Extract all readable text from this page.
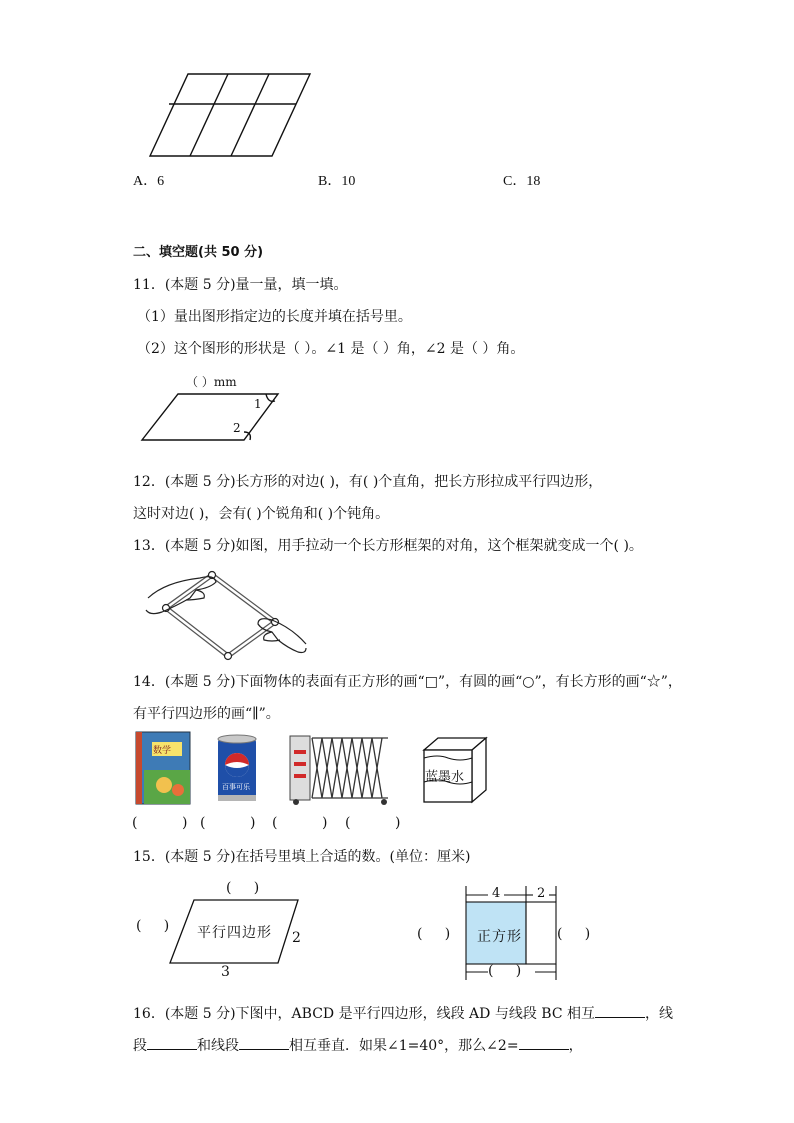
A．6	B．10	C．18
二、填空题(共 50 分)
11．(本题 5 分)量一量，填一填。
（1）量出图形指定边的长度并填在括号里。
（2）这个图形的形状是（ ）。∠1 是（ ）角，∠2 是（ ）角。
（ ）mm
1
2
12．(本题 5 分)长方形的对边( )，有( )个直角，把长方形拉成平行四边形，
这时对边( )，会有( )个锐角和( )个钝角。
13．(本题 5 分)如图，用手拉动一个长方形框架的对角，这个框架就变成一个( )。
14．(本题 5 分)下面物体的表面有正方形的画“□”，有圆的画“○”，有长方形的画“☆”，
有平行四边形的画“∥”。
数学
百事可乐
蓝墨水
(          ) (          ) (          ) (          )
15．(本题 5 分)在括号里填上合适的数。(单位：厘米)
(     )
(     ) 平行四边形 2
3
4	2
(     ) 正方形	(     )
(     )
16．(本题 5 分)下图中，ABCD 是平行四边形，线段 AD 与线段 BC 相互	，线
段	和线段	相互垂直．如果∠1=40°，那么∠2=	，
